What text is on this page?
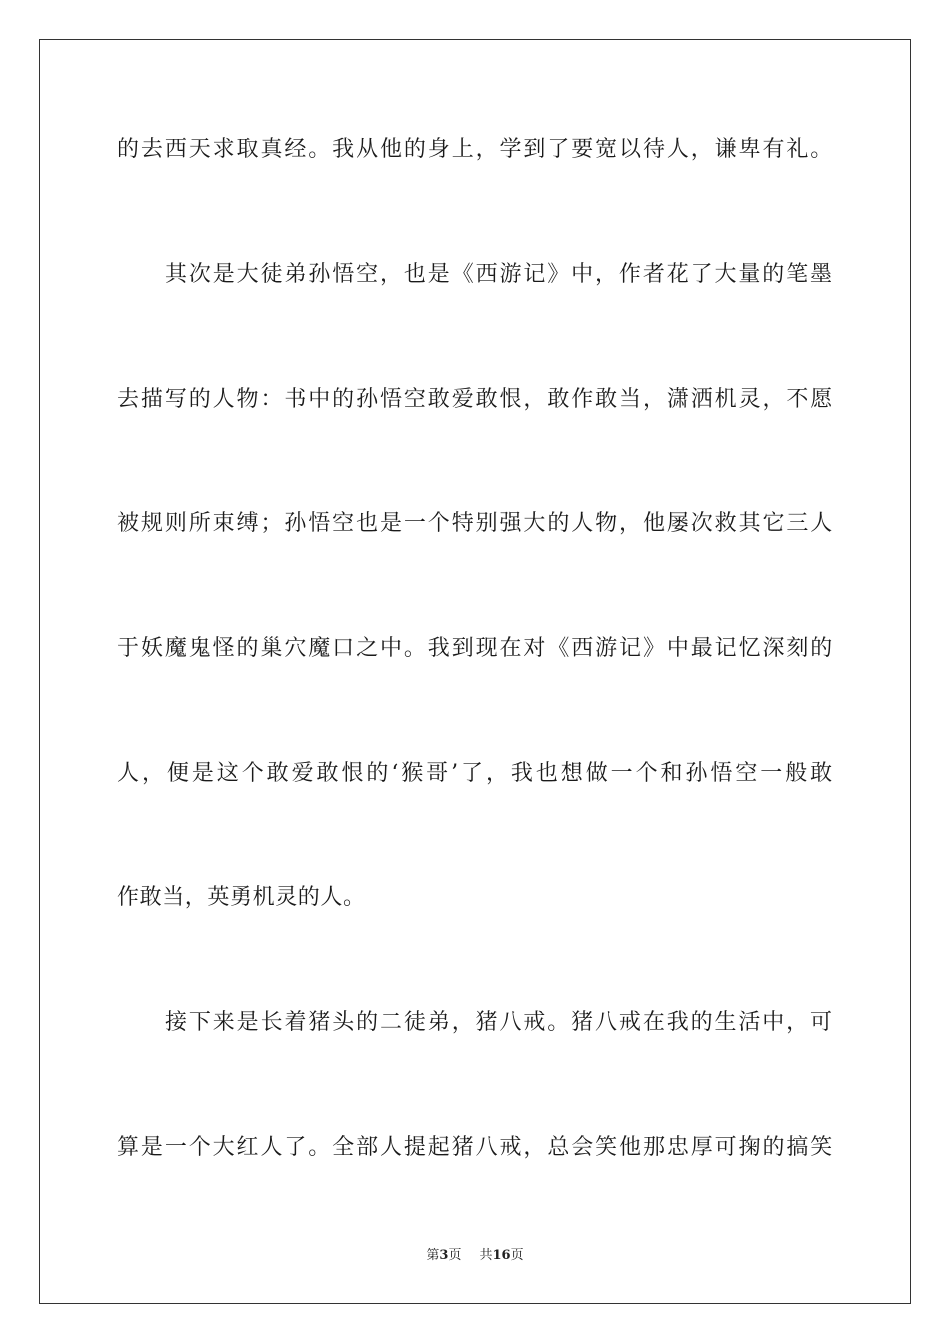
的 去 西 天 求 取 真 经 。 我 从 他 的 身 上 ， 学 到 了 要 宽 以 待 人 ， 谦 卑 有 礼 。
其 次 是 大 徒 弟 孙 悟 空 ， 也 是 《 西 游 记 》 中 ， 作 者 花 了 大 量 的 笔 墨
去 描 写 的 人 物 ： 书 中 的 孙 悟 空 敢 爱 敢 恨 ， 敢 作 敢 当 ， 潇 洒 机 灵 ， 不 愿
被 规 则 所 束 缚 ； 孙 悟 空 也 是 一 个 特 别 强 大 的 人 物 ， 他 屡 次 救 其 它 三 人
于 妖 魔 鬼 怪 的 巢 穴 魔 口 之 中 。 我 到 现 在 对 《 西 游 记 》 中 最 记 忆 深 刻 的
人 ， 便 是 这 个 敢 爱 敢 恨 的 ‘ 猴 哥 ’ 了 ， 我 也 想 做 一 个 和 孙 悟 空 一 般 敢
作敢当，英勇机灵的人。
接 下 来 是 长 着 猪 头 的 二 徒 弟 ， 猪 八 戒 。 猪 八 戒 在 我 的 生 活 中 ， 可
算 是 一 个 大 红 人 了 。 全 部 人 提 起 猪 八 戒 ， 总 会 笑 他 那 忠 厚 可 掬 的 搞 笑
第3页 共16页
